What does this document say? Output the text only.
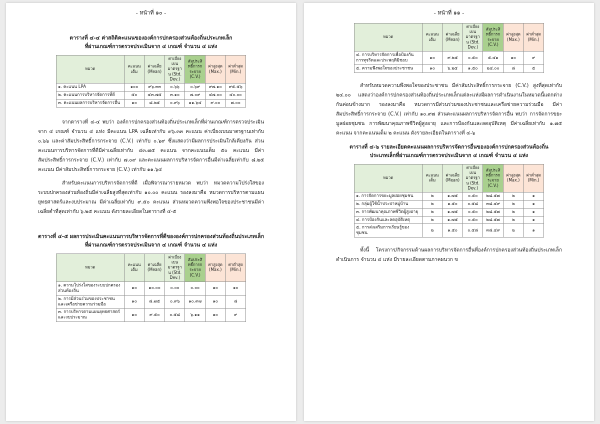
- หน้าที่ ๑๐ -
ตารางที่ ๔-๔ ค่าสถิติคะแนนขององค์การปกครองส่วนท้องถิ่นประเภทเล็ก
ที่ผ่านเกณฑ์การตรวจประเมินจาก ๔ เกณฑ์ จำนวน ๔ แห่ง
หมวด	คะแนนเต็ม	ค่าเฉลี่ย (Mean)	ค่าเบี่ยงเบนมาตรฐาน (Std. Dev.)	สัมประสิทธิ์การกระจาย (C.V.)	ค่าสูงสุด (Max.)	ค่าต่ำสุด (Min.)
๑. คะแนน LPA	๑๐๐	๙๖.๓๓	๐.๖๖	๐.๖๙	๙๗.๑๐	๙๕.๕๖
๒. คะแนนการบริหารจัดการที่ดี	๕๐	๔๓.๗๕	๓.๑๐	๗.๐๙	๔๗.๐๐	๔๐.๐๐
๓. คะแนนผลการบริหารจัดการอื่น	๑๐	๘.๒๕	๐.๙๖	๑๑.๖๔	๙.๐๐	๗.๐๐

จากตารางที่ ๔-๔ พบว่า องค์การปกครองส่วนท้องถิ่นประเภทเล็กที่ผ่านเกณฑ์การตรวจประเมินจาก ๔ เกณฑ์ จำนวน ๔ แห่ง มีคะแนน LPA เฉลี่ยเท่ากับ ๙๖.๓๓ คะแนน ค่าเบี่ยงเบนมาตรฐานเท่ากับ ๐.๖๖ และค่าสัมประสิทธิ์การกระจาย (C.V.) เท่ากับ ๐.๖๙ ซึ่งแสดงว่ามีผลการประเมินใกล้เคียงกัน ส่วนคะแนนการบริหารจัดการที่ดีมีค่าเฉลี่ยเท่ากับ ๔๓.๗๕ คะแนน จากคะแนนเต็ม ๕๐ คะแนน มีค่าสัมประสิทธิ์การกระจาย (C.V.) เท่ากับ ๗.๐๙ และคะแนนผลการบริหารจัดการอื่นมีค่าเฉลี่ยเท่ากับ ๘.๒๕ คะแนน มีค่าสัมประสิทธิ์การกระจาย (C.V.) เท่ากับ ๑๑.๖๔

สำหรับคะแนนการบริหารจัดการที่ดี เมื่อพิจารณารายหมวด พบว่า หมวดความโปร่งใสของระบบปกครองส่วนท้องถิ่นมีค่าเฉลี่ยสูงที่สุดเท่ากับ ๑๐.๐๐ คะแนน รองลงมาคือ หมวดการบริหารตามแผนยุทธศาสตร์และงบประมาณ มีค่าเฉลี่ยเท่ากับ ๙.๕๐ คะแนน ส่วนหมวดความพึงพอใจของประชาชนมีค่าเฉลี่ยต่ำที่สุดเท่ากับ ๖.๒๕ คะแนน ดังรายละเอียดในตารางที่ ๔-๕

ตารางที่ ๔-๕ ผลการประเมินคะแนนการบริหารจัดการที่ดีขององค์การปกครองส่วนท้องถิ่นประเภทเล็ก
ที่ผ่านเกณฑ์การตรวจประเมินจาก ๔ เกณฑ์ จำนวน ๔ แห่ง
หมวด	คะแนนเต็ม	ค่าเฉลี่ย (Mean)	ค่าเบี่ยงเบนมาตรฐาน (Std. Dev.)	สัมประสิทธิ์การกระจาย (C.V.)	ค่าสูงสุด (Max.)	ค่าต่ำสุด (Min.)
๑. ความโปร่งใสของระบบปกครองส่วนท้องถิ่น	๑๐	๑๐.๐๐	๐.๐๐	๐.๐๐	๑๐	๑๐
๒. การมีส่วนร่วมของประชาชน และเครือข่ายความร่วมมือ	๑๐	๘.๗๕	๐.๙๖	๑๐.๙๗	๑๐	๘
๓. การบริหารตามแผนยุทธศาสตร์ และงบประมาณ	๑๐	๙.๕๐	๐.๕๘	๖.๑๑	๑๐	๙
- หน้าที่ ๑๑ -
หมวด	คะแนนเต็ม	ค่าเฉลี่ย (Mean)	ค่าเบี่ยงเบนมาตรฐาน (Std. Dev.)	สัมประสิทธิ์การกระจาย (C.V.)	ค่าสูงสุด (Max.)	ค่าต่ำสุด (Min.)
๔. การบริหารจัดการเพื่อป้องกันการทุจริตและประพฤติมิชอบ	๑๐	๙.๒๕	๐.๕๐	๕.๔๑	๑๐	๙
๕. ความพึงพอใจของประชาชน	๑๐	๖.๒๕	๑.๕๐	๒๔.๐๐	๘	๕

สำหรับหมวดความพึงพอใจของประชาชน มีค่าสัมประสิทธิ์การกระจาย (C.V.) สูงที่สุดเท่ากับ ๒๔.๐๐ แสดงว่าองค์การปกครองส่วนท้องถิ่นประเภทเล็กแต่ละแห่งมีผลการดำเนินงานในหมวดนี้แตกต่างกันค่อนข้างมาก รองลงมาคือ หมวดการมีส่วนร่วมของประชาชนและเครือข่ายความร่วมมือ มีค่าสัมประสิทธิ์การกระจาย (C.V.) เท่ากับ ๑๐.๙๗ ส่วนคะแนนผลการบริหารจัดการอื่น พบว่า การจัดการขยะมูลฝอยชุมชน การพัฒนาคุณภาพชีวิตผู้สูงอายุ และการป้องกันและลดอุบัติเหตุ มีค่าเฉลี่ยเท่ากับ ๑.๗๕ คะแนน จากคะแนนเต็ม ๒ คะแนน ดังรายละเอียดในตารางที่ ๔-๖

ตารางที่ ๔-๖ รายละเอียดคะแนนผลการบริหารจัดการอื่นขององค์การปกครองส่วนท้องถิ่น
ประเภทเล็กที่ผ่านเกณฑ์การตรวจประเมินจาก ๔ เกณฑ์ จำนวน ๔ แห่ง
หมวด	คะแนนเต็ม	ค่าเฉลี่ย (Mean)	ค่าเบี่ยงเบนมาตรฐาน (Std. Dev.)	สัมประสิทธิ์การกระจาย (C.V.)	ค่าสูงสุด (Max.)	ค่าต่ำสุด (Min.)
๑. การจัดการขยะมูลฝอยชุมชน	๒	๑.๗๕	๐.๕๐	๒๘.๕๗	๒	๑
๒. กลุ่มผู้ใช้น้ำประปาหมู่บ้าน	๒	๑.๕๐	๐.๕๘	๓๘.๔๙	๒	๑
๓. การพัฒนาคุณภาพชีวิตผู้สูงอายุ	๒	๑.๗๕	๐.๕๐	๒๘.๕๗	๒	๑
๔. การป้องกันและลดอุบัติเหตุ	๒	๑.๗๕	๐.๕๐	๒๘.๕๗	๒	๑
๕. การส่งเสริมการเรียนรู้ของชุมชน	๒	๑.๕๐	๐.๕๘	๓๘.๔๙	๒	๑

ทั้งนี้ โครงการ/กิจกรรมด้านผลการบริหารจัดการอื่นที่องค์การปกครองส่วนท้องถิ่นประเภทเล็กดำเนินการ จำนวน ๔ แห่ง มีรายละเอียดตามภาคผนวก ข
